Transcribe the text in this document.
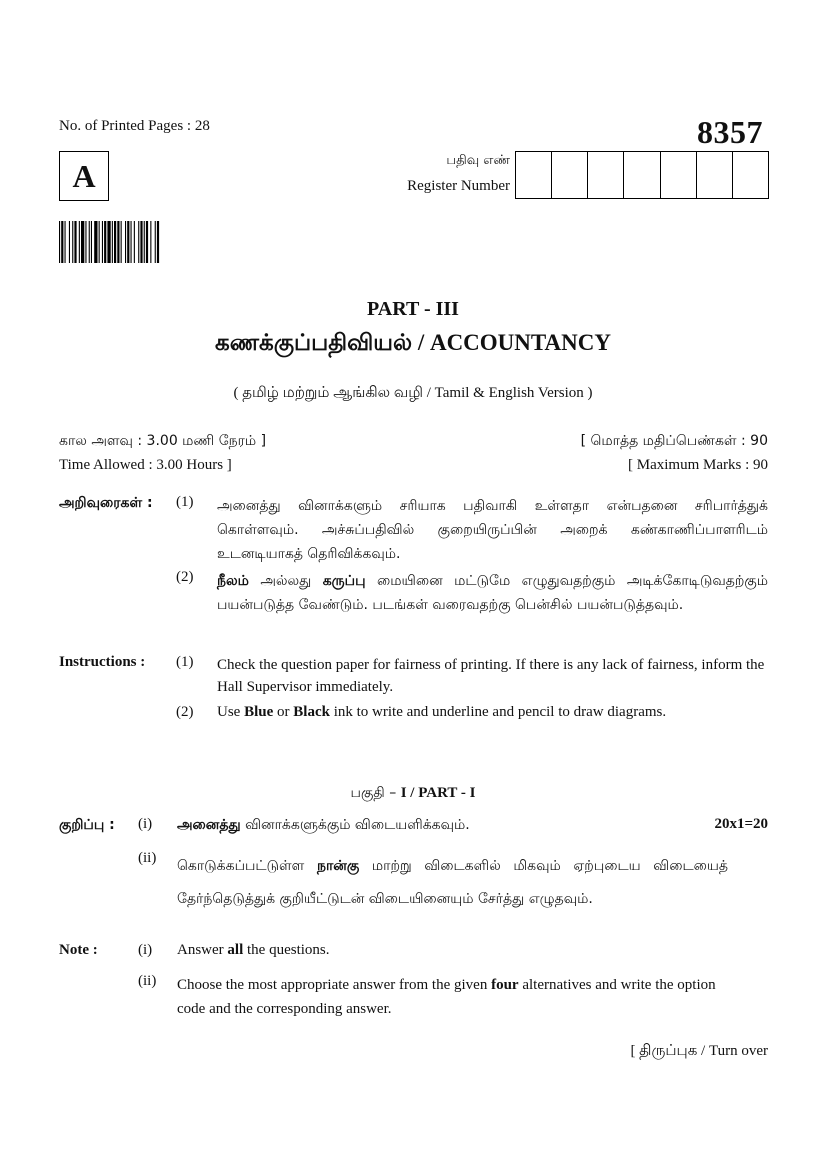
No. of Printed Pages : 28	8357
A	பதிவு எண்
Register Number
PART - III
கணக்குப்பதிவியல் / ACCOUNTANCY
( தமிழ் மற்றும் ஆங்கில வழி / Tamil & English Version )
கால அளவு : 3.00 மணி நேரம் ]
Time Allowed : 3.00 Hours ]
[ மொத்த மதிப்பெண்கள் : 90
[ Maximum Marks : 90
அறிவுரைகள் : (1) அனைத்து வினாக்களும் சரியாக பதிவாகி உள்ளதா என்பதனை சரிபார்த்துக் கொள்ளவும். அச்சுப்பதிவில் குறையிருப்பின் அறைக் கண்காணிப்பாளரிடம் உடனடியாகத் தெரிவிக்கவும்.
(2) நீலம் அல்லது கருப்பு மையினை மட்டுமே எழுதுவதற்கும் அடிக்கோடிடுவதற்கும் பயன்படுத்த வேண்டும். படங்கள் வரைவதற்கு பென்சில் பயன்படுத்தவும்.
Instructions : (1) Check the question paper for fairness of printing. If there is any lack of fairness, inform the Hall Supervisor immediately.
(2) Use Blue or Black ink to write and underline and pencil to draw diagrams.
பகுதி – I / PART - I
குறிப்பு : (i) அனைத்து வினாக்களுக்கும் விடையளிக்கவும்.	20x1=20
(ii) கொடுக்கப்பட்டுள்ள நான்கு மாற்று விடைகளில் மிகவும் ஏற்புடைய விடையைத் தேர்ந்தெடுத்துக் குறியீட்டுடன் விடையினையும் சேர்த்து எழுதவும்.
Note :	(i) Answer all the questions.
(ii) Choose the most appropriate answer from the given four alternatives and write the option code and the corresponding answer.
[ திருப்புக / Turn over
